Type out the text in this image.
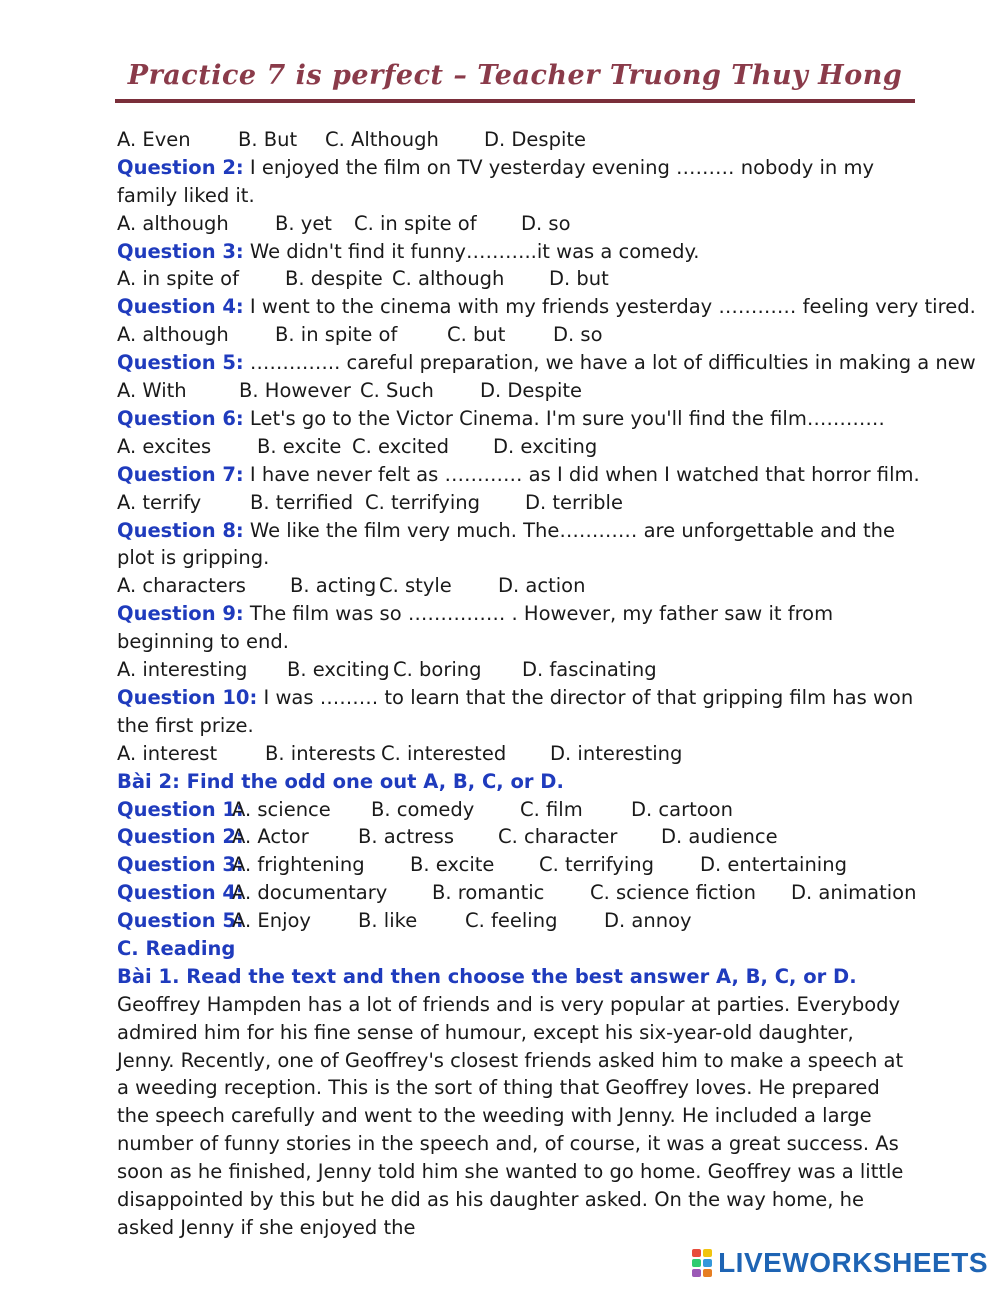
Practice 7 is perfect – Teacher Truong Thuy Hong
A. Even B. But C. Although D. Despite
Question 2: I enjoyed the film on TV yesterday evening ……… nobody in my family liked it.
A. although B. yet C. in spite of D. so
Question 3: We didn't find it funny………..it was a comedy.
A. in spite of B. despite C. although D. but
Question 4: I went to the cinema with my friends yesterday ………… feeling very tired.
A. although B. in spite of	C. but D. so
Question 5: ………….. careful preparation, we have a lot of difficulties in making a new
A. With	B. However C. Such D. Despite
Question 6: Let's go to the Victor Cinema. I'm sure you'll find the film…………
A. excites B. excite C. excited D. exciting
Question 7: I have never felt as ………… as I did when I watched that horror film.
A. terrify	B. terrified C. terrifying D. terrible
Question 8: We like the film very much. The………… are unforgettable and the plot is gripping.
A. characters B. acting C. style D. action
Question 9: The film was so …………… . However, my father saw it from beginning to end.
A. interesting B. exciting C. boring D. fascinating
Question 10: I was ……… to learn that the director of that gripping film has won the first prize.
A. interest B. interests C. interested D. interesting
Bài 2: Find the odd one out A, B, C, or D.
Question 1:A. science B. comedy C. film D. cartoon
Question 2:A. Actor	B. actress C. character D. audience
Question 3:A. frightening B. excite C. terrifying D. entertaining
Question 4:A. documentary B. romantic C. science fiction D. animation
Question 5:A. Enjoy B. like C. feeling D. annoy
C. Reading
Bài 1. Read the text and then choose the best answer A, B, C, or D.
Geoffrey Hampden has a lot of friends and is very popular at parties. Everybody admired him for his fine sense of humour, except his six-year-old daughter, Jenny. Recently, one of Geoffrey's closest friends asked him to make a speech at a weeding reception. This is the sort of thing that Geoffrey loves. He prepared the speech carefully and went to the weeding with Jenny. He included a large number of funny stories in the speech and, of course, it was a great success. As soon as he finished, Jenny told him she wanted to go home. Geoffrey was a little disappointed by this but he did as his daughter asked. On the way home, he asked Jenny if she enjoyed the
LIVEWORKSHEETS
